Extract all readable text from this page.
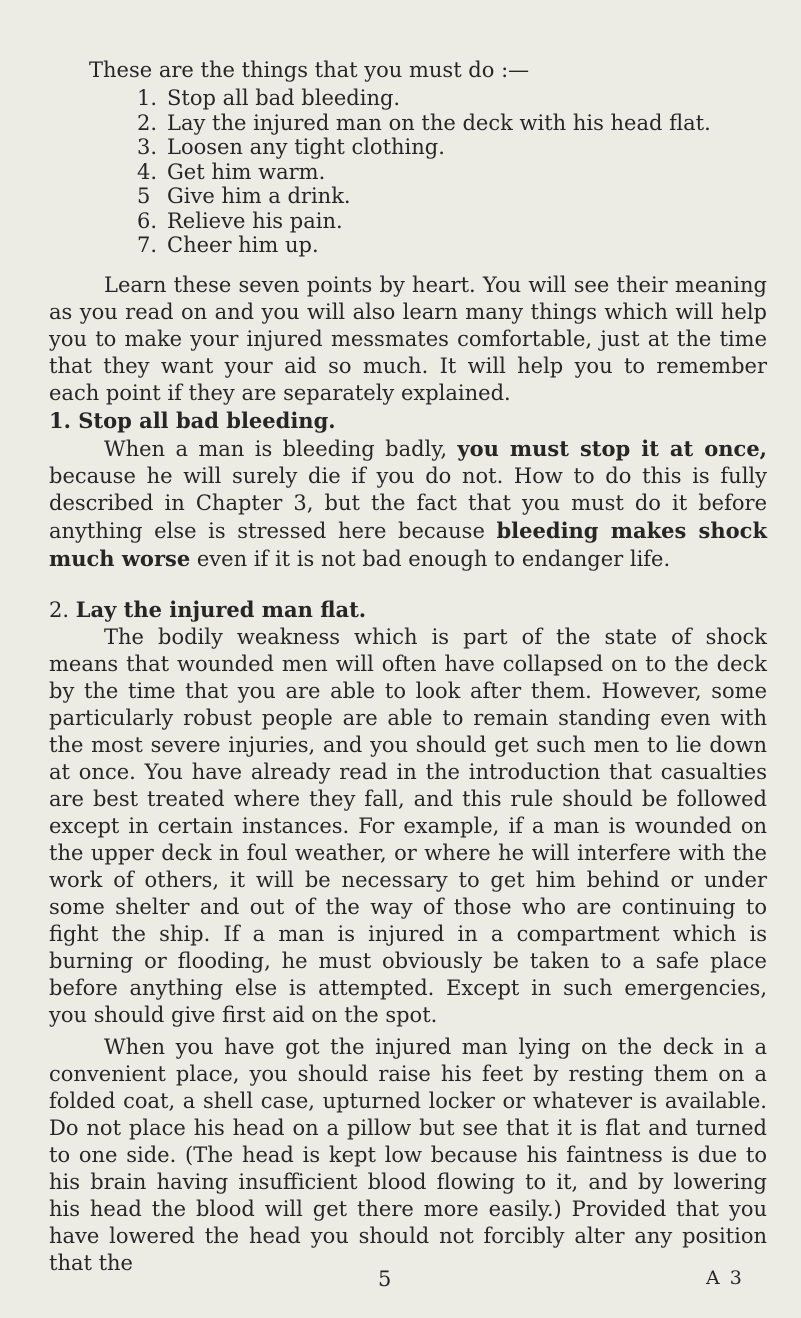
These are the things that you must do :—
1. Stop all bad bleeding.
2. Lay the injured man on the deck with his head flat.
3. Loosen any tight clothing.
4. Get him warm.
5 Give him a drink.
6. Relieve his pain.
7. Cheer him up.

Learn these seven points by heart. You will see their meaning as you read on and you will also learn many things which will help you to make your injured messmates comfortable, just at the time that they want your aid so much. It will help you to remember each point if they are separately explained.

1. Stop all bad bleeding.

When a man is bleeding badly, you must stop it at once, because he will surely die if you do not. How to do this is fully described in Chapter 3, but the fact that you must do it before anything else is stressed here because bleeding makes shock much worse even if it is not bad enough to endanger life.

2. Lay the injured man flat.

The bodily weakness which is part of the state of shock means that wounded men will often have collapsed on to the deck by the time that you are able to look after them. However, some particularly robust people are able to remain standing even with the most severe injuries, and you should get such men to lie down at once. You have already read in the introduction that casualties are best treated where they fall, and this rule should be followed except in certain instances. For example, if a man is wounded on the upper deck in foul weather, or where he will interfere with the work of others, it will be necessary to get him behind or under some shelter and out of the way of those who are continuing to fight the ship. If a man is injured in a compartment which is burning or flooding, he must obviously be taken to a safe place before anything else is attempted. Except in such emergencies, you should give first aid on the spot.

When you have got the injured man lying on the deck in a convenient place, you should raise his feet by resting them on a folded coat, a shell case, upturned locker or whatever is available. Do not place his head on a pillow but see that it is flat and turned to one side. (The head is kept low because his faintness is due to his brain having insufficient blood flowing to it, and by lowering his head the blood will get there more easily.) Provided that you have lowered the head you should not forcibly alter any position that the

5	A 3
